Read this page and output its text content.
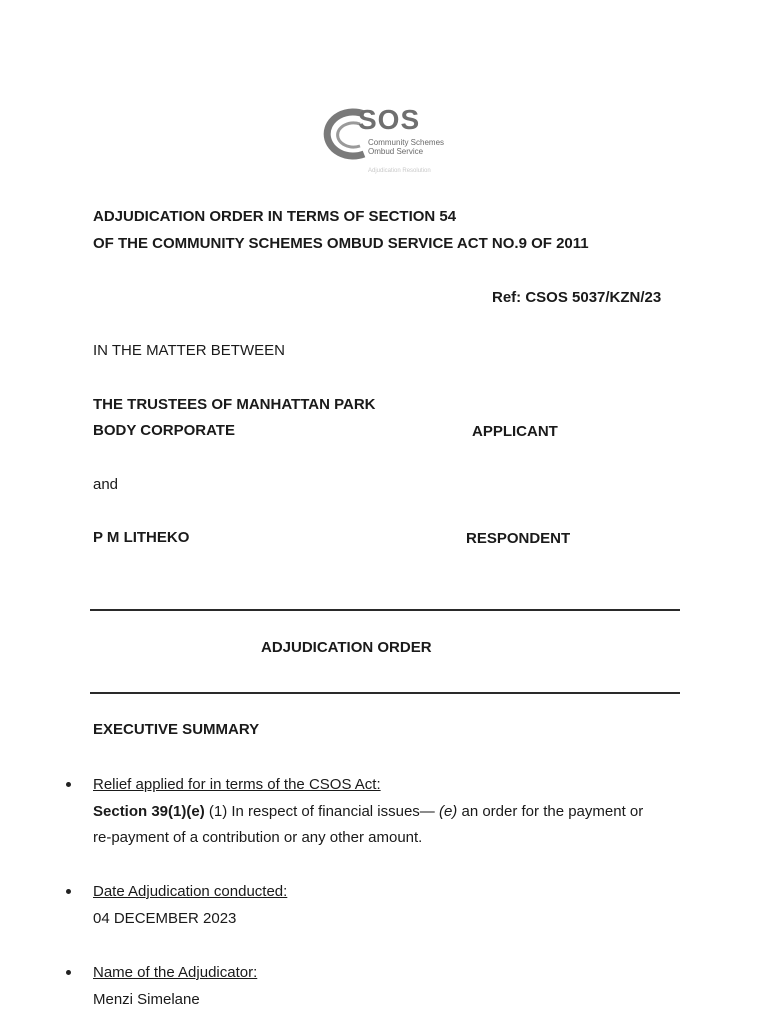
SOS
Community Schemes
Ombud Service
Adjudication Resolution
ADJUDICATION ORDER IN TERMS OF SECTION 54
OF THE COMMUNITY SCHEMES OMBUD SERVICE ACT NO.9 OF 2011
Ref: CSOS 5037/KZN/23
IN THE MATTER BETWEEN
THE TRUSTEES OF MANHATTAN PARK
BODY CORPORATE	APPLICANT
and
P M LITHEKO	RESPONDENT
ADJUDICATION ORDER
EXECUTIVE SUMMARY
Relief applied for in terms of the CSOS Act:
Section 39(1)(e) (1) In respect of financial issues— (e) an order for the payment or
re-payment of a contribution or any other amount.
Date Adjudication conducted:
04 DECEMBER 2023
Name of the Adjudicator:
Menzi Simelane
